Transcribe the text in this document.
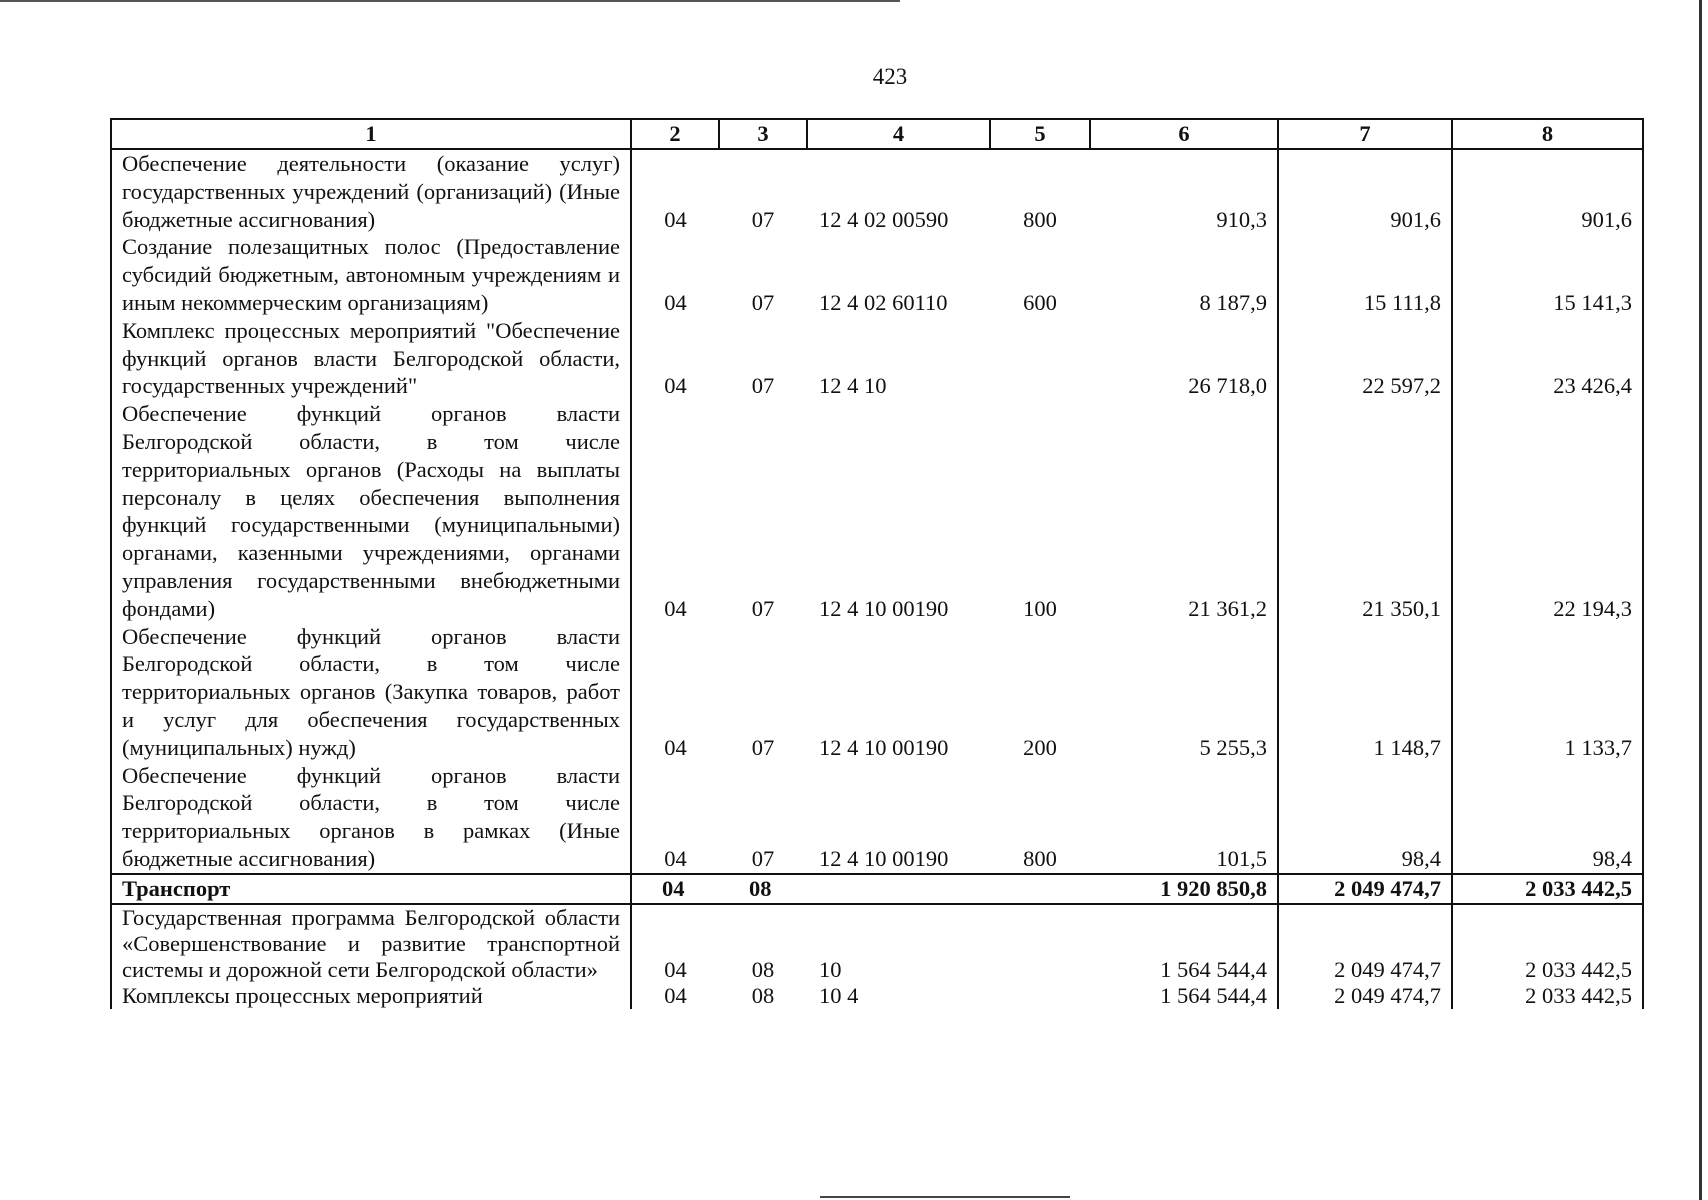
423
1	2	3	4	5	6	7	8
Обеспечение деятельности (оказание услуг) государственных учреждений (организаций) (Иные бюджетные ассигнования)	04	07	12 4 02 00590	800	910,3	901,6	901,6
Создание полезащитных полос (Предоставление субсидий бюджетным, автономным учреждениям и иным некоммерческим организациям)	04	07	12 4 02 60110	600	8 187,9	15 111,8	15 141,3
Комплекс процессных мероприятий "Обеспечение функций органов власти Белгородской области, государственных учреждений"	04	07	12 4 10		26 718,0	22 597,2	23 426,4
Обеспечение функций органов власти Белгородской области, в том числе территориальных органов (Расходы на выплаты персоналу в целях обеспечения выполнения функций государственными (муниципальными) органами, казенными учреждениями, органами управления государственными внебюджетными фондами)	04	07	12 4 10 00190	100	21 361,2	21 350,1	22 194,3
Обеспечение функций органов власти Белгородской области, в том числе территориальных органов (Закупка товаров, работ и услуг для обеспечения государственных (муниципальных) нужд)	04	07	12 4 10 00190	200	5 255,3	1 148,7	1 133,7
Обеспечение функций органов власти Белгородской области, в том числе территориальных органов в рамках (Иные бюджетные ассигнования)	04	07	12 4 10 00190	800	101,5	98,4	98,4
Транспорт	04	08			1 920 850,8	2 049 474,7	2 033 442,5
Государственная программа Белгородской области «Совершенствование и развитие транспортной системы и дорожной сети Белгородской области»	04	08	10		1 564 544,4	2 049 474,7	2 033 442,5
Комплексы процессных мероприятий	04	08	10 4		1 564 544,4	2 049 474,7	2 033 442,5
